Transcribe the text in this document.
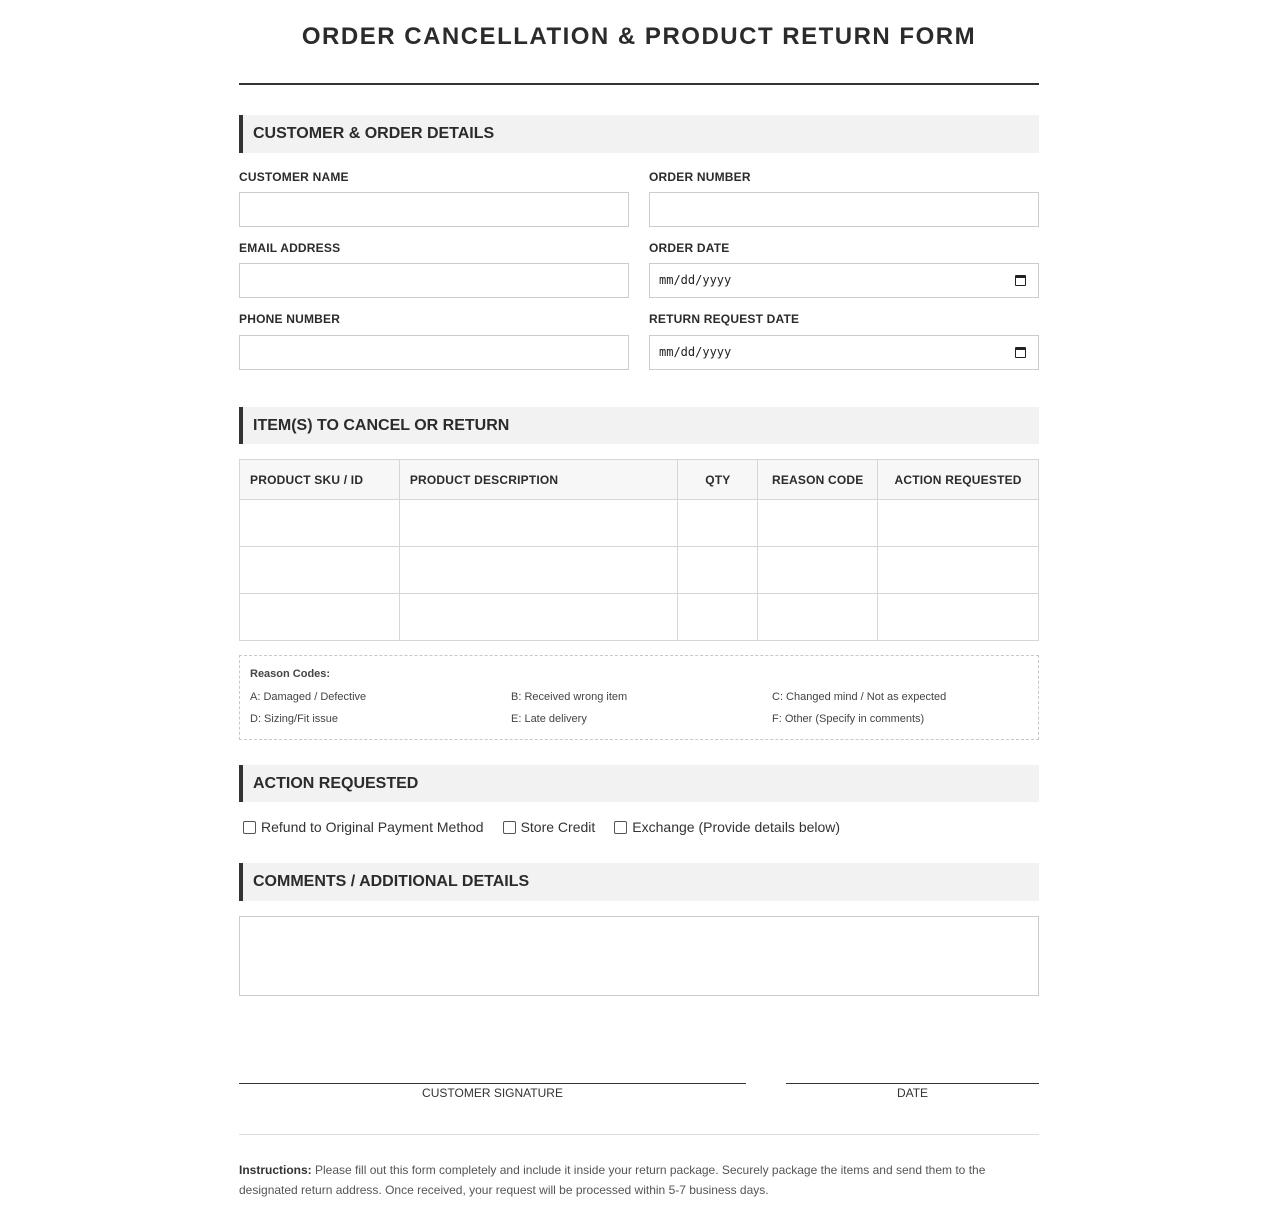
ORDER CANCELLATION & PRODUCT RETURN FORM
CUSTOMER & ORDER DETAILS
CUSTOMER NAME	ORDER NUMBER
EMAIL ADDRESS	ORDER DATE
mm/dd/yyyy
PHONE NUMBER	RETURN REQUEST DATE
mm/dd/yyyy
ITEM(S) TO CANCEL OR RETURN
PRODUCT SKU / ID	PRODUCT DESCRIPTION	QTY	REASON CODE	ACTION REQUESTED

Reason Codes:
A: Damaged / Defective	B: Received wrong item	C: Changed mind / Not as expected
D: Sizing/Fit issue	E: Late delivery	F: Other (Specify in comments)
ACTION REQUESTED
Refund to Original Payment Method	Store Credit	Exchange (Provide details below)
COMMENTS / ADDITIONAL DETAILS
CUSTOMER SIGNATURE	DATE
Instructions: Please fill out this form completely and include it inside your return package. Securely package the items and send them to the designated return address. Once received, your request will be processed within 5-7 business days.
